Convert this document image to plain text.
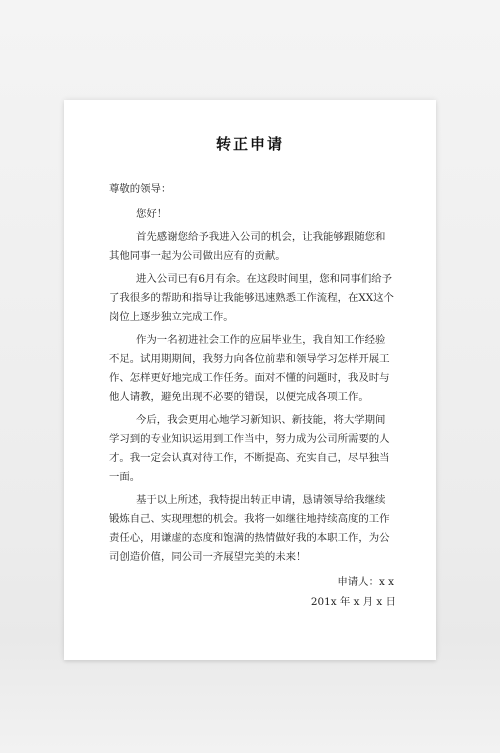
转正申请

尊敬的领导：

您好！

首先感谢您给予我进入公司的机会，让我能够跟随您和其他同事一起为公司做出应有的贡献。

进入公司已有6月有余。在这段时间里，您和同事们给予了我很多的帮助和指导让我能够迅速熟悉工作流程，在XX这个岗位上逐步独立完成工作。

作为一名初进社会工作的应届毕业生，我自知工作经验不足。试用期期间，我努力向各位前辈和领导学习怎样开展工作、怎样更好地完成工作任务。面对不懂的问题时，我及时与他人请教，避免出现不必要的错误，以便完成各项工作。

今后，我会更用心地学习新知识、新技能，将大学期间学习到的专业知识运用到工作当中，努力成为公司所需要的人才。我一定会认真对待工作，不断提高、充实自己，尽早独当一面。

基于以上所述，我特提出转正申请，恳请领导给我继续锻炼自己、实现理想的机会。我将一如继往地持续高度的工作责任心，用谦虚的态度和饱满的热情做好我的本职工作，为公司创造价值，同公司一齐展望完美的未来！

申请人：x x
201x 年 x 月 x 日
